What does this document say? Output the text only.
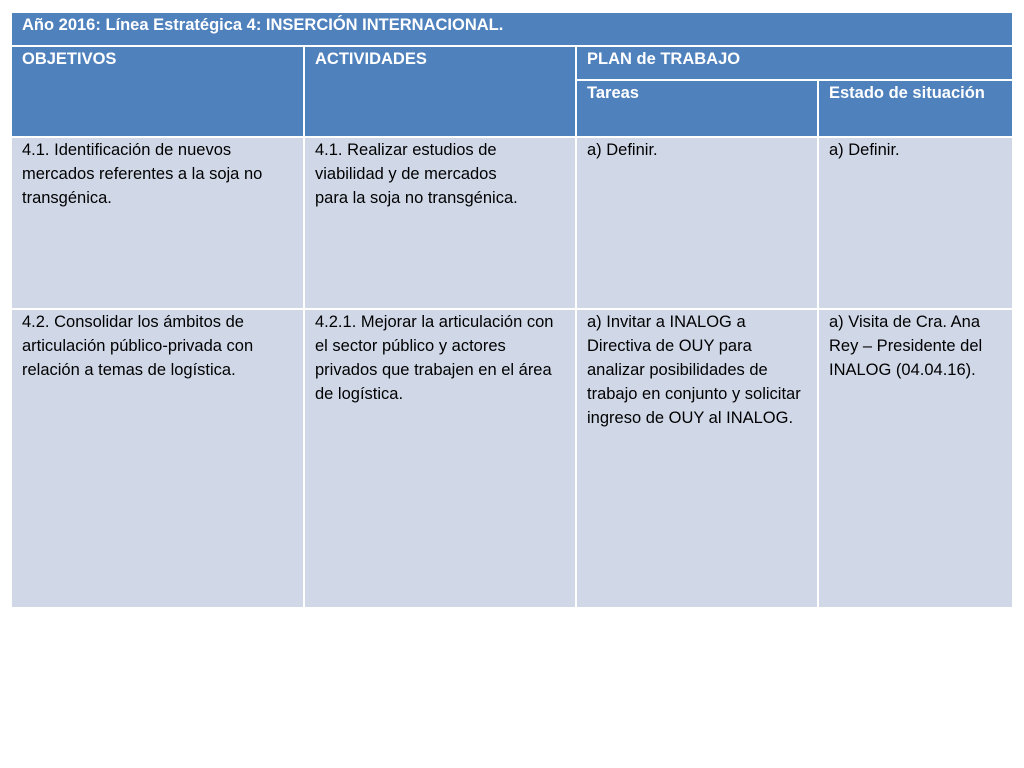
Año 2016: Línea Estratégica 4: INSERCIÓN INTERNACIONAL.			
OBJETIVOS	ACTIVIDADES	PLAN de TRABAJO	
		Tareas	Estado de situación
4.1. Identificación de nuevos mercados referentes a la soja no transgénica.	4.1. Realizar estudios de viabilidad y de mercados para la soja no transgénica.	a) Definir.	a) Definir.
4.2. Consolidar los ámbitos de articulación público-privada con relación a temas de logística.	4.2.1. Mejorar la articulación con el sector público y actores privados que trabajen en el área de logística.	a) Invitar a INALOG a Directiva de OUY para analizar posibilidades de trabajo en conjunto y solicitar ingreso de OUY al INALOG.	a) Visita de Cra. Ana Rey – Presidente del INALOG (04.04.16).
